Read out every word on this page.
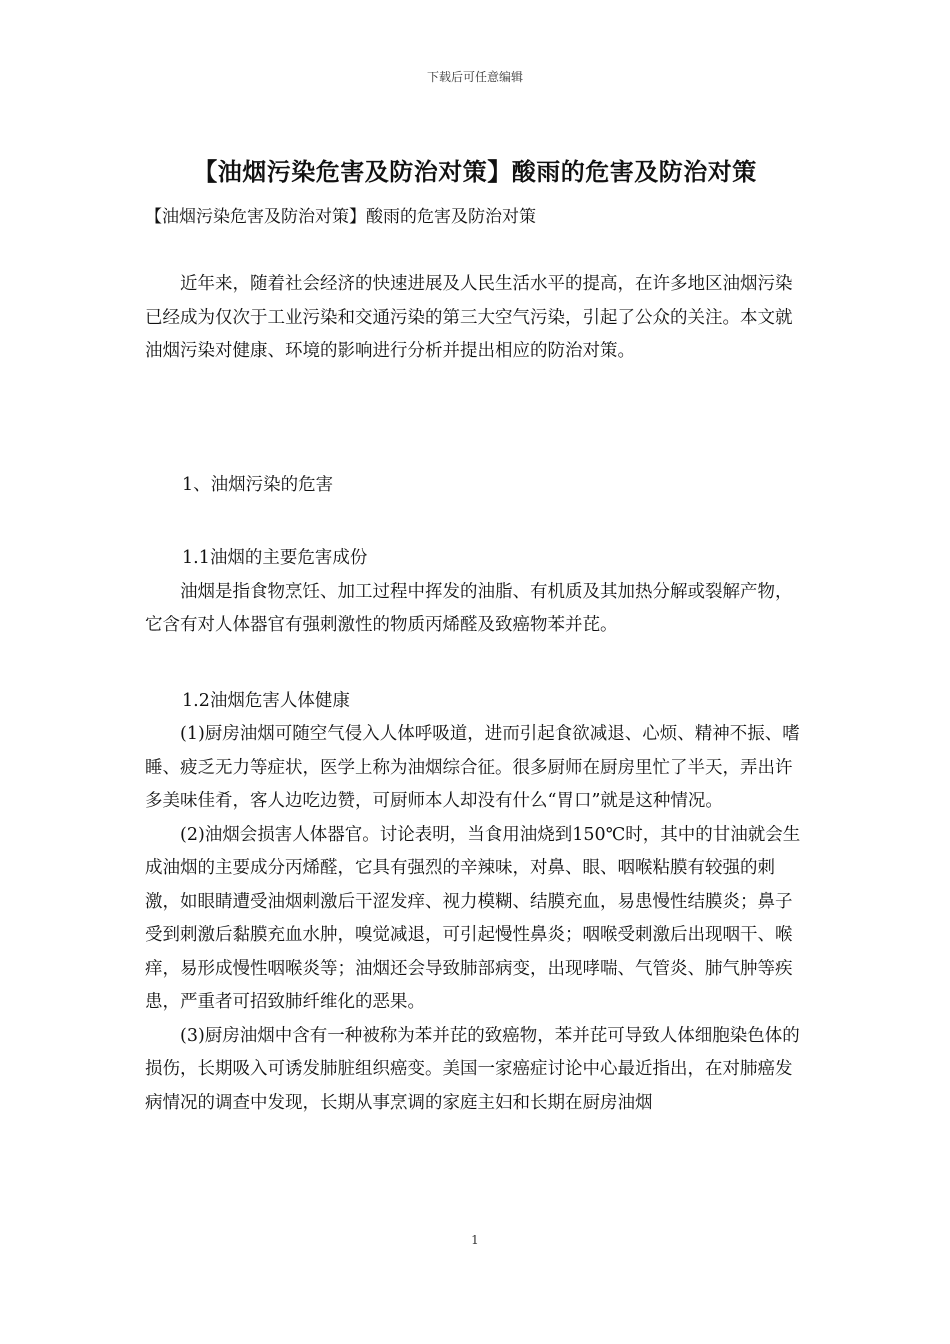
下载后可任意编辑
【油烟污染危害及防治对策】酸雨的危害及防治对策
【油烟污染危害及防治对策】酸雨的危害及防治对策

近年来，随着社会经济的快速进展及人民生活水平的提高，在许多地区油烟污染已经成为仅次于工业污染和交通污染的第三大空气污染，引起了公众的关注。本文就油烟污染对健康、环境的影响进行分析并提出相应的防治对策。

1、油烟污染的危害

1.1油烟的主要危害成份

油烟是指食物烹饪、加工过程中挥发的油脂、有机质及其加热分解或裂解产物，它含有对人体器官有强刺激性的物质丙烯醛及致癌物苯并芘。

1.2油烟危害人体健康

(1)厨房油烟可随空气侵入人体呼吸道，进而引起食欲减退、心烦、精神不振、嗜睡、疲乏无力等症状，医学上称为油烟综合征。很多厨师在厨房里忙了半天，弄出许多美味佳肴，客人边吃边赞，可厨师本人却没有什么“胃口”就是这种情况。

(2)油烟会损害人体器官。讨论表明，当食用油烧到150℃时，其中的甘油就会生成油烟的主要成分丙烯醛，它具有强烈的辛辣味，对鼻、眼、咽喉粘膜有较强的刺激，如眼睛遭受油烟刺激后干涩发痒、视力模糊、结膜充血，易患慢性结膜炎；鼻子受到刺激后黏膜充血水肿，嗅觉减退，可引起慢性鼻炎；咽喉受刺激后出现咽干、喉痒，易形成慢性咽喉炎等；油烟还会导致肺部病变，出现哮喘、气管炎、肺气肿等疾患，严重者可招致肺纤维化的恶果。

(3)厨房油烟中含有一种被称为苯并芘的致癌物，苯并芘可导致人体细胞染色体的损伤，长期吸入可诱发肺脏组织癌变。美国一家癌症讨论中心最近指出，在对肺癌发病情况的调查中发现，长期从事烹调的家庭主妇和长期在厨房油烟

1
